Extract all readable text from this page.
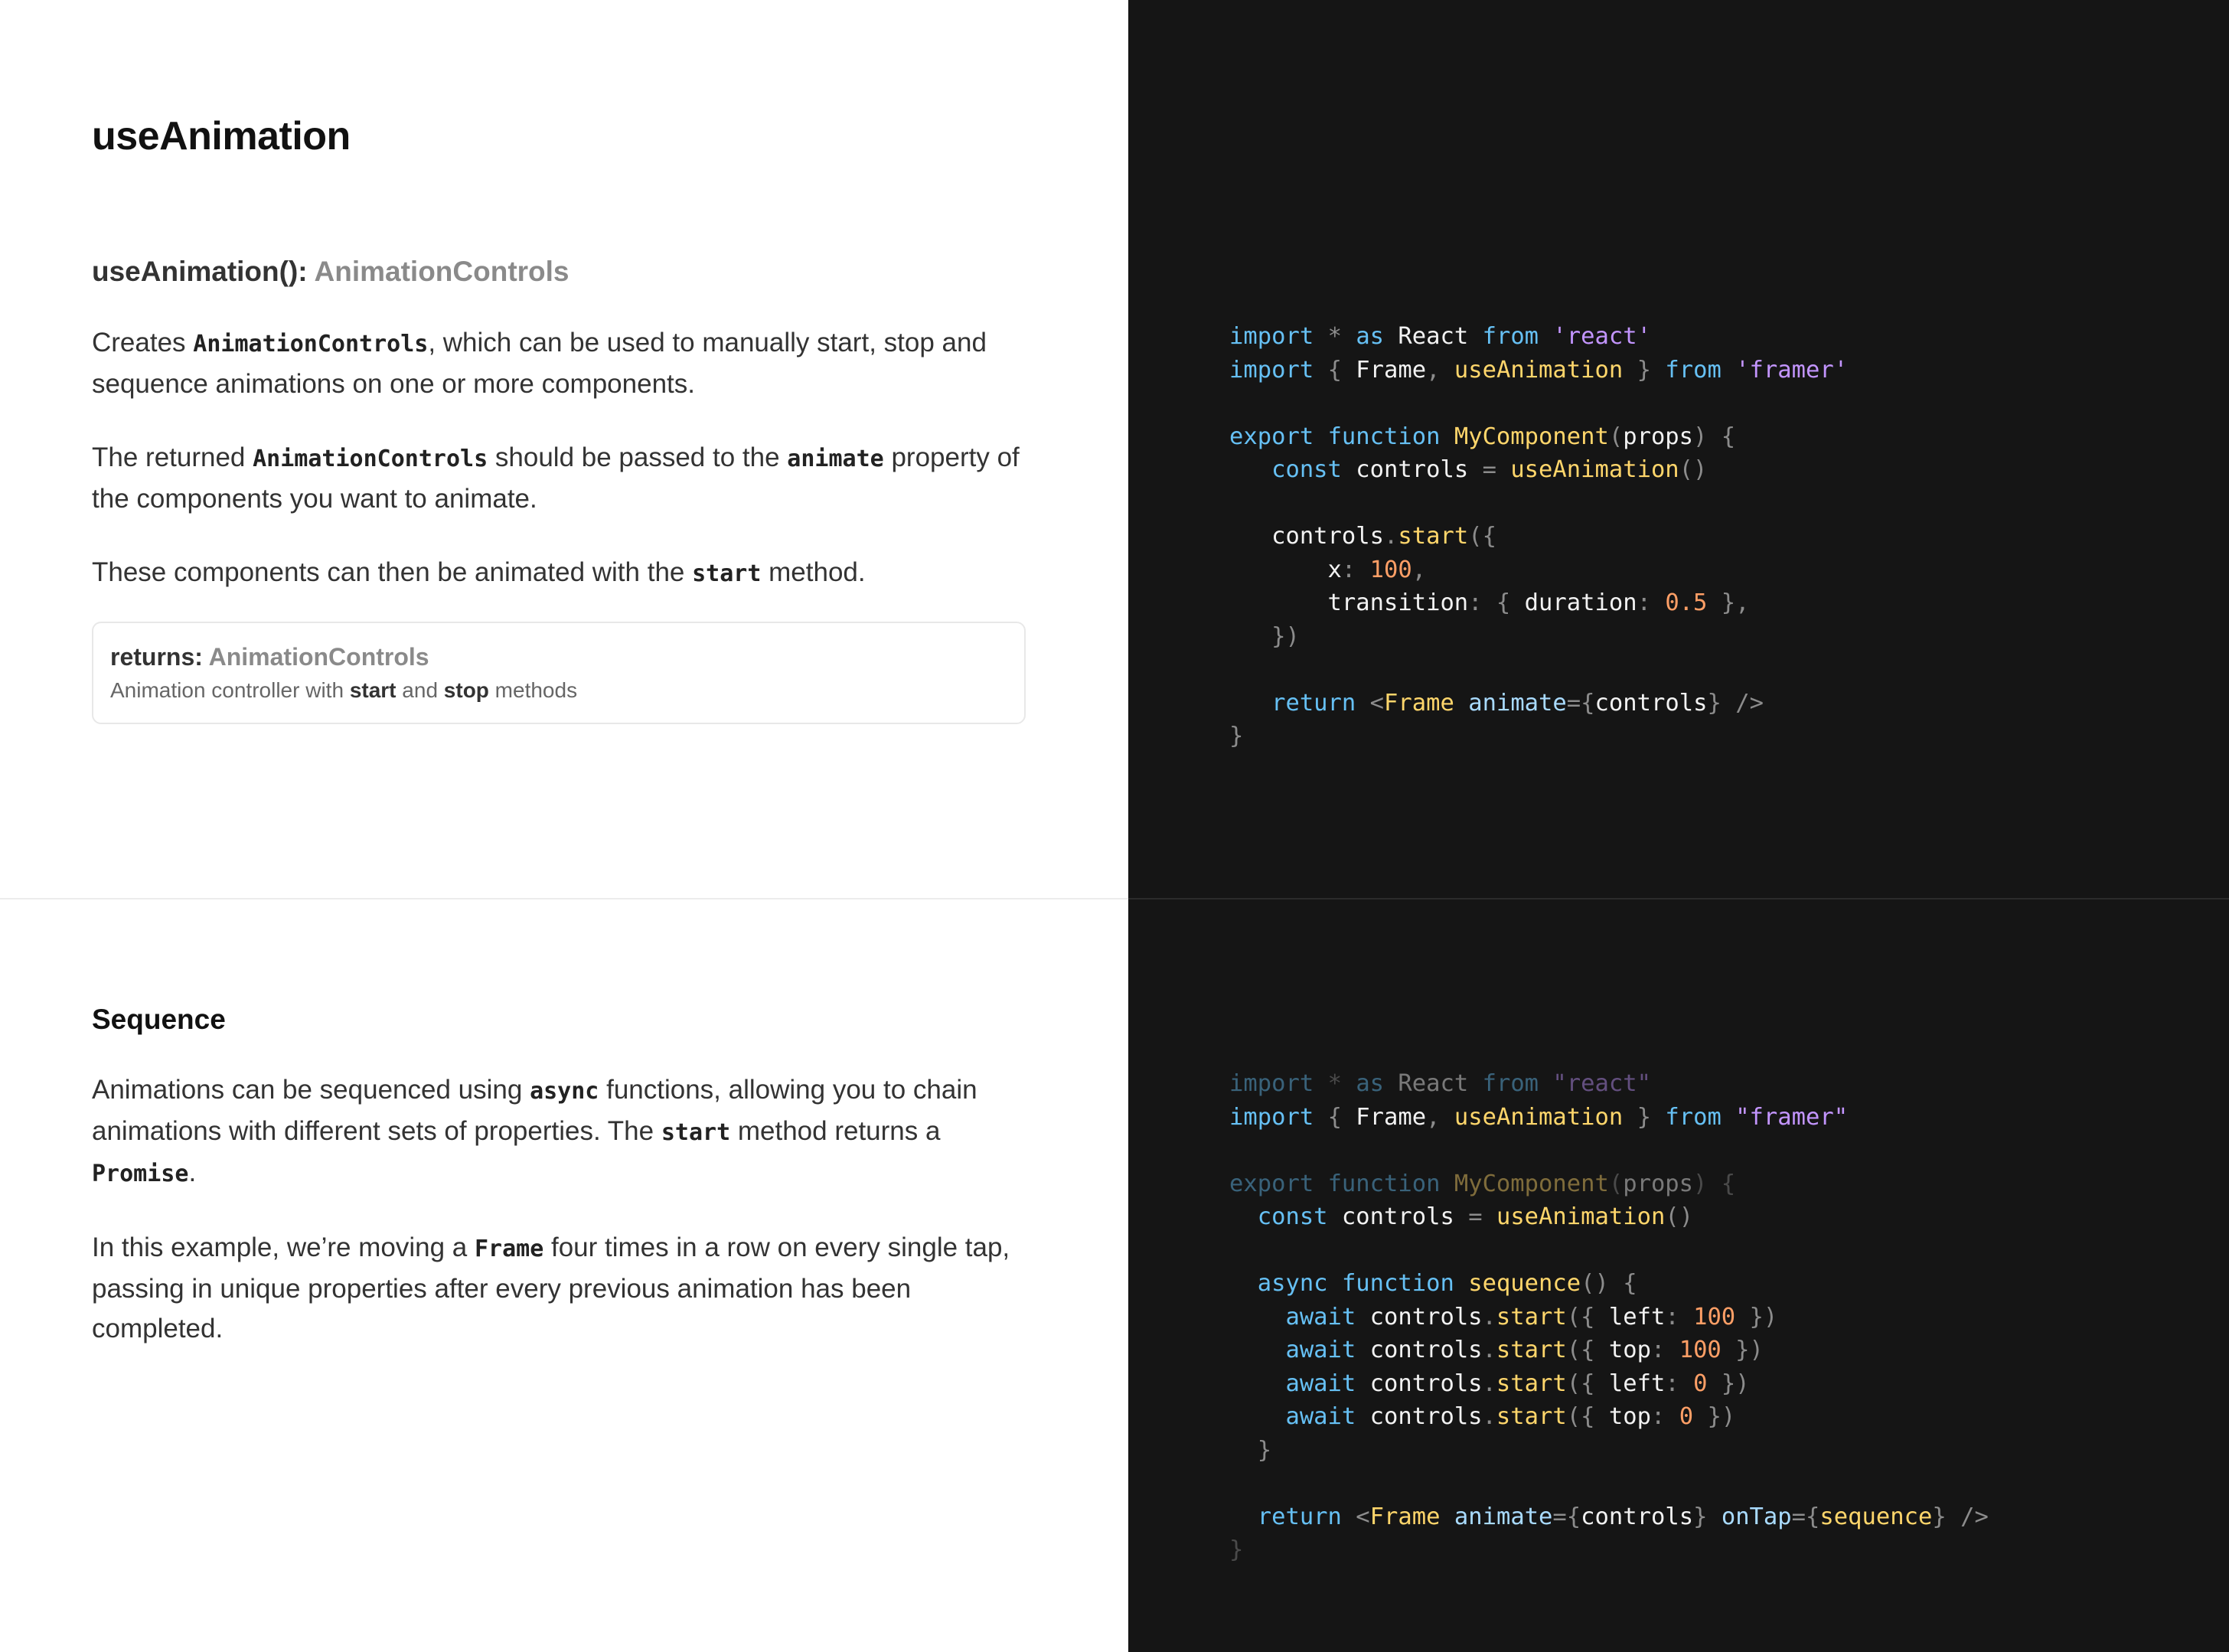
useAnimation
useAnimation(): AnimationControls

Creates AnimationControls, which can be used to manually start, stop and sequence animations on one or more components.

The returned AnimationControls should be passed to the animate property of the components you want to animate.

These components can then be animated with the start method.

returns: AnimationControls

Animation controller with start and stop methods

Sequence

Animations can be sequenced using async functions, allowing you to chain animations with different sets of properties. The start method returns a Promise.

In this example, we’re moving a Frame four times in a row on every single tap, passing in unique properties after every previous animation has been completed.

import * as React from 'react'
import { Frame, useAnimation } from 'framer'

export function MyComponent(props) {
const controls = useAnimation()

controls.start({
x: 100,
transition: { duration: 0.5 },
})

return <Frame animate={controls} />
}
import * as React from "react"
import { Frame, useAnimation } from "framer"

export function MyComponent(props) {
const controls = useAnimation()

async function sequence() {
await controls.start({ left: 100 })
await controls.start({ top: 100 })
await controls.start({ left: 0 })
await controls.start({ top: 0 })
}

return <Frame animate={controls} onTap={sequence} />
}
